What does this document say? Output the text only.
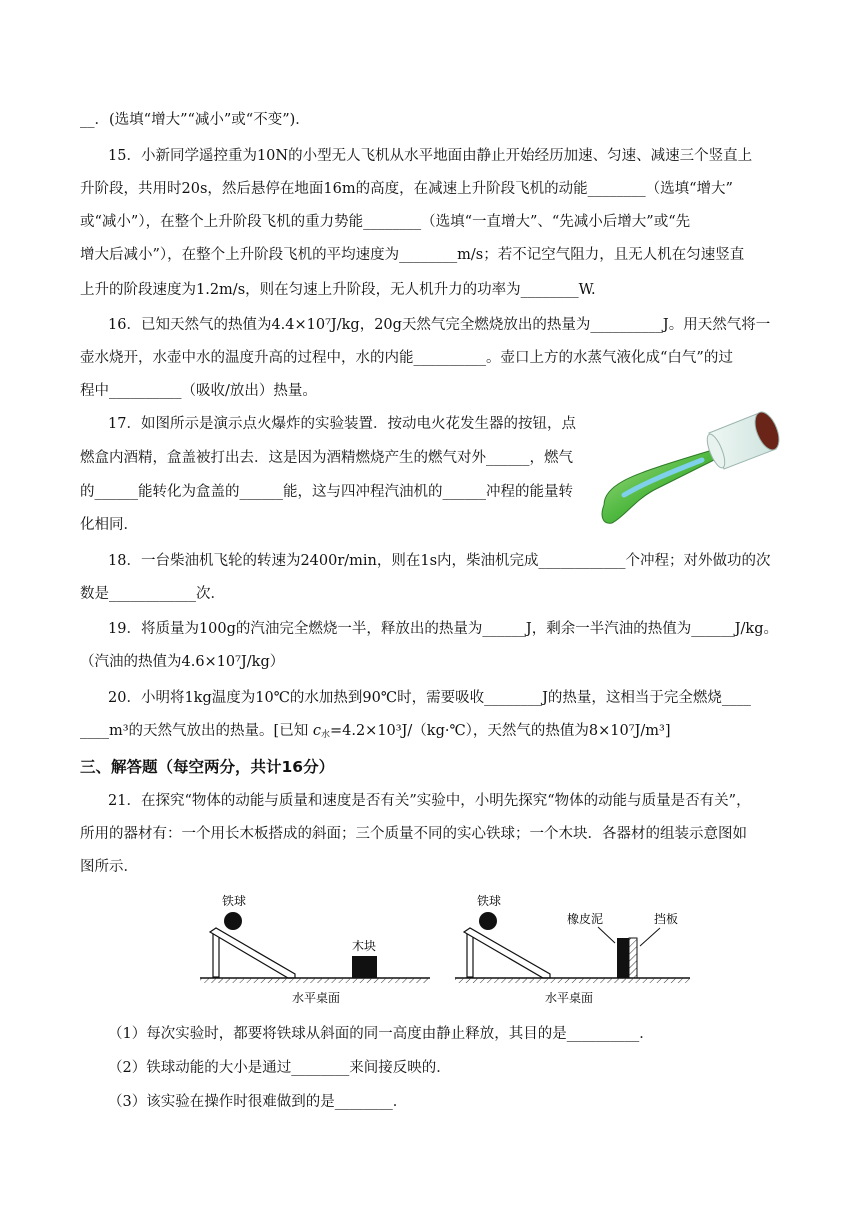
__．(选填“增大”“减小”或“不变”)．
15．小新同学遥控重为10N的小型无人飞机从水平地面由静止开始经历加速、匀速、减速三个竖直上
升阶段，共用时20s，然后悬停在地面16m的高度，在减速上升阶段飞机的动能________（选填“增大”
或“减小”），在整个上升阶段飞机的重力势能________（选填“一直增大”、“先减小后增大”或“先
增大后减小”），在整个上升阶段飞机的平均速度为________m/s；若不记空气阻力，且无人机在匀速竖直
上升的阶段速度为1.2m/s，则在匀速上升阶段，无人机升力的功率为________W.
16．已知天然气的热值为4.4×10⁷J/kg，20g天然气完全燃烧放出的热量为__________J。用天然气将一
壶水烧开，水壶中水的温度升高的过程中，水的内能__________。壶口上方的水蒸气液化成“白气”的过
程中__________（吸收/放出）热量。
17．如图所示是演示点火爆炸的实验装置．按动电火花发生器的按钮，点
燃盒内酒精，盒盖被打出去．这是因为酒精燃烧产生的燃气对外______，燃气
的______能转化为盒盖的______能，这与四冲程汽油机的______冲程的能量转
化相同．
18．一台柴油机飞轮的转速为2400r/min，则在1s内，柴油机完成____________个冲程；对外做功的次
数是____________次．
19．将质量为100g的汽油完全燃烧一半，释放出的热量为______J，剩余一半汽油的热值为______J/kg。
（汽油的热值为4.6×10⁷J/kg）
20．小明将1kg温度为10℃的水加热到90℃时，需要吸收________J的热量，这相当于完全燃烧____
____m³的天然气放出的热量。[已知 $c_水=4.2\times 10^3J/(kg\cdot℃)$，天然气的热值为8×10⁷J/m³]
三、解答题（每空两分，共计16分）
21．在探究“物体的动能与质量和速度是否有关”实验中，小明先探究“物体的动能与质量是否有关”，
所用的器材有：一个用长木板搭成的斜面；三个质量不同的实心铁球；一个木块．各器材的组装示意图如
图所示．
铁球
木块
水平桌面
铁球
橡皮泥	挡板
水平桌面
（1）每次实验时，都要将铁球从斜面的同一高度由静止释放，其目的是__________．
（2）铁球动能的大小是通过________来间接反映的．
（3）该实验在操作时很难做到的是________．
